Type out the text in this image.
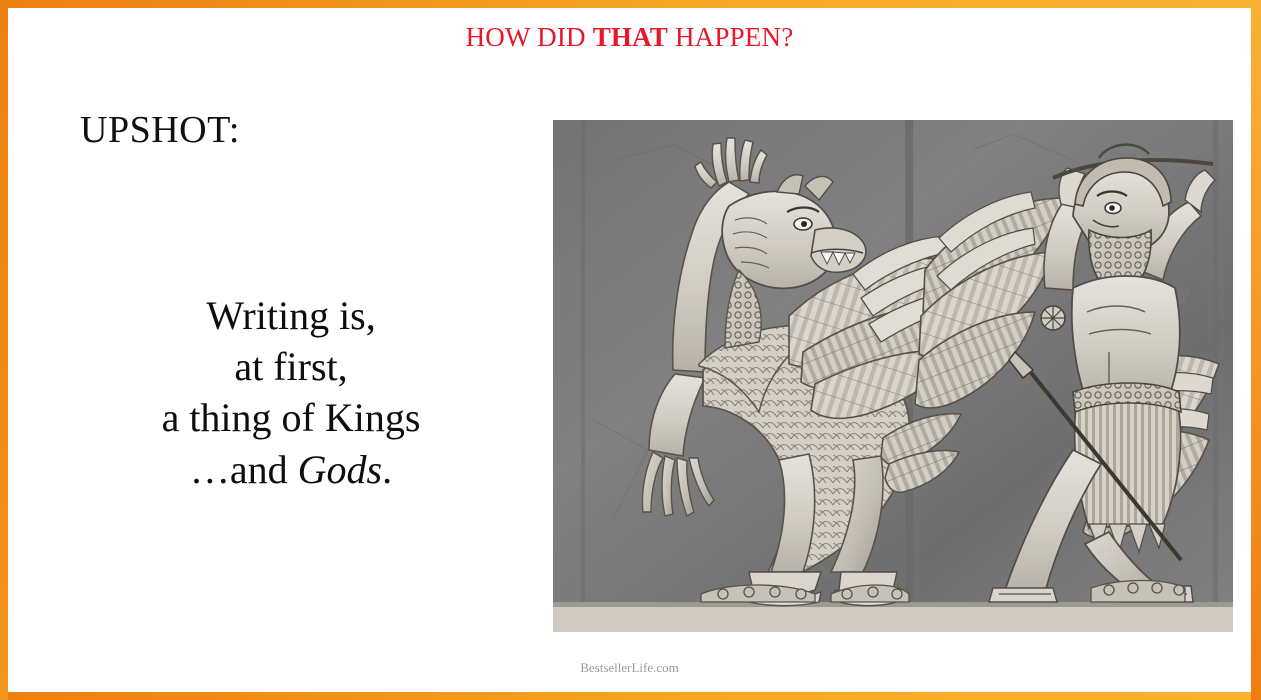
HOW DID THAT HAPPEN?
UPSHOT:
Writing is,
at first,
a thing of Kings
…and Gods.
BestsellerLife.com
